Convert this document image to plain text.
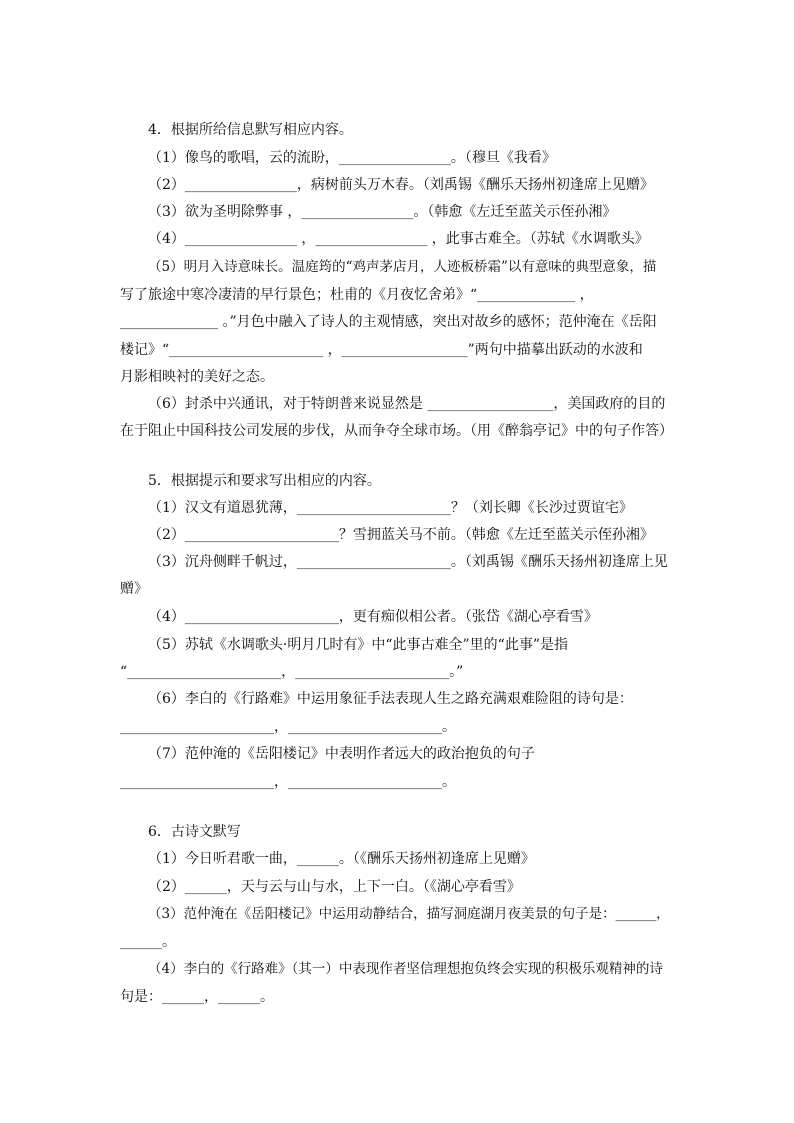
4．根据所给信息默写相应内容。
（1）像鸟的歌唱，云的流盼，________________。（穆旦《我看》
（2）________________，病树前头万木春。（刘禹锡《酬乐天扬州初逢席上见赠》
（3）欲为圣明除弊事 ，________________。（韩愈《左迁至蓝关示侄孙湘》
（4）________________ ，________________ ，此事古难全。（苏轼《水调歌头》
（5）明月入诗意味长。温庭筠的“鸡声茅店月，人迹板桥霜”以有意味的典型意象，描
写了旅途中寒冷凄清的早行景色；杜甫的《月夜忆舍弟》“______________ ，
______________ 。”月色中融入了诗人的主观情感，突出对故乡的感怀；范仲淹在《岳阳
楼记》“______________________ ，__________________”两句中描摹出跃动的水波和
月影相映衬的美好之态。
（6）封杀中兴通讯，对于特朗普来说显然是 __________________，美国政府的目的
在于阻止中国科技公司发展的步伐，从而争夺全球市场。（用《醉翁亭记》中的句子作答）
5．根据提示和要求写出相应的内容。
（1）汉文有道恩犹薄，______________________？（刘长卿《长沙过贾谊宅》
（2）______________________？雪拥蓝关马不前。（韩愈《左迁至蓝关示侄孙湘》
（3）沉舟侧畔千帆过，______________________。（刘禹锡《酬乐天扬州初逢席上见
赠》
（4）______________________，更有痴似相公者。（张岱《湖心亭看雪》
（5）苏轼《水调歌头·明月几时有》中“此事古难全”里的“此事”是指
“______________________，______________________。”
（6）李白的《行路难》中运用象征手法表现人生之路充满艰难险阻的诗句是：
______________________，______________________。
（7）范仲淹的《岳阳楼记》中表明作者远大的政治抱负的句子
______________________，______________________。
6．古诗文默写
（1）今日听君歌一曲，______。（《酬乐天扬州初逢席上见赠》
（2）______，天与云与山与水，上下一白。（《湖心亭看雪》
（3）范仲淹在《岳阳楼记》中运用动静结合，描写洞庭湖月夜美景的句子是：______，
______。
（4）李白的《行路难》（其一）中表现作者坚信理想抱负终会实现的积极乐观精神的诗
句是：______，______。
